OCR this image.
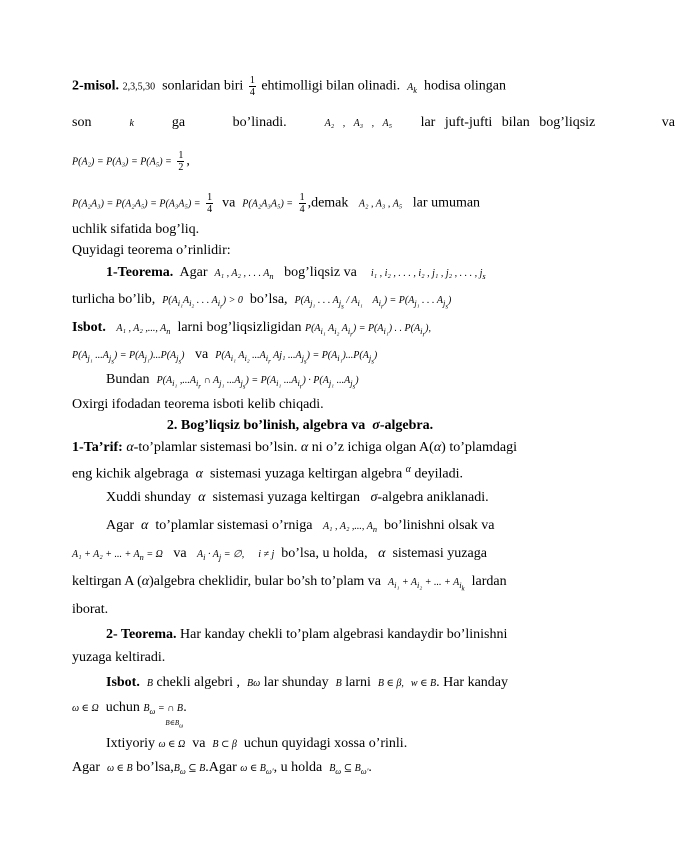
2-misol. 2,3,5,30 sonlaridan biri $\frac{1}{4}$ ehtimolligi bilan olinadi. $A_k$ hodisa olingan
son	k	ga	bo’linadi.	A₂ , A₃ , A₅ lar juft-jufti bilan bog’liqsiz	va
$P(A_2) = P(A_3) = P(A_5) = \frac{1}{2}$ ,
$P(A_2A_3) = P(A_2A_5) = P(A_3A_5) = \frac{1}{4}$ va $P(A_2A_3A_5) = \frac{1}{4}$ ,demak A₂ , A₃ , A₅ lar umuman
uchlik sifatida bog’liq.
Quyidagi teorema o’rinlidir:
1-Teorema. Agar A₁ , A₂ , . . . $A_n$ bog’liqsiz va i₁ , i₂ , . . . , i₂ , j₁ , j₂ , . . . , $j_s$
turlicha bo’lib, $P(A_{i_1}A_{i_2}$ . . . $A_{i_r}) > 0$ bo’lsa, $P(A_{j_1}$ . . . $A_{j_s} / A_{i_1}$    $A_{i_r}) = P(A_{j_1}$ . . . $A_{j_s}$)
Isbot. A₁ , A₂ ,..., $A_n$ larni bog’liqsizligidan $P(A_{i_1}$ $A_{i_2}$ $A_{i_r}) = P(A_{i_1})$ . . $P(A_{i_r})$,
$P(A_{j_1}$ $...A_{j_s}) = P(A_{j_1})...P(A_{j_s})$ va $P(A_{i_1}$ $A_{i_2}$ $...A_{i_r}$ Aj₁ $...A_{j_s}) = P(A_{i_1})...P(A_{j_s})$
Bundan $P(A_{i_1}$ $,...A_{i_r}$ ∩ $A_{j_1}$ $...A_{j_s}) = P(A_{i_1}$ $...A_{i_r}) \cdot P(A_{j_1}$ $...A_{j_s}$)
Oxirgi ifodadan teorema isboti kelib chiqadi.
2. Bog’liqsiz bo’linish, algebra va σ-algebra.
1-Ta’rif: α-to’plamlar sistemasi bo’lsin. α ni o’z ichiga olgan A(α) to’plamdagi
eng kichik algebraga α sistemasi yuzaga keltirgan algebra $^\alpha$ deyiladi.
Xuddi shunday α sistemasi yuzaga keltirgan σ-algebra aniklanadi.
Agar α to’plamlar sistemasi o’rniga A₁ , A₂ ,..., $A_n$ bo’linishni olsak va
A₁ + A₂ + ... + $A_n = \Omega$ va $A_i \cdot A_j$ = ∅, i ≠ j bo’lsa, u holda, α sistemasi yuzaga
keltirgan A (α)algebra cheklidir, bular bo’sh to’plam va $A_{i_1} + A_{i_2}$ + ... + $A_{i_k}$ lardan
iborat.
2- Teorema. Har kanday chekli to’plam algebrasi kandaydir bo’linishni
yuzaga keltiradi.
Isbot. B chekli algebri , Bω lar shunday B larni B ∈ β, w ∈ B. Har kanday
ω ∈ Ω uchun $B_\omega$ = ∩ B
$B\in B_\omega$
.
Ixtiyoriy ω ∈ Ω va B ⊂ β uchun quyidagi xossa o’rinli.
Agar ω ∈ B $bo’lsa,B_\omega$ ⊆ B.Agar ω ∈ $B_{\omega'}$, u holda $B_\omega$ ⊆ $B_{\omega'}$.
